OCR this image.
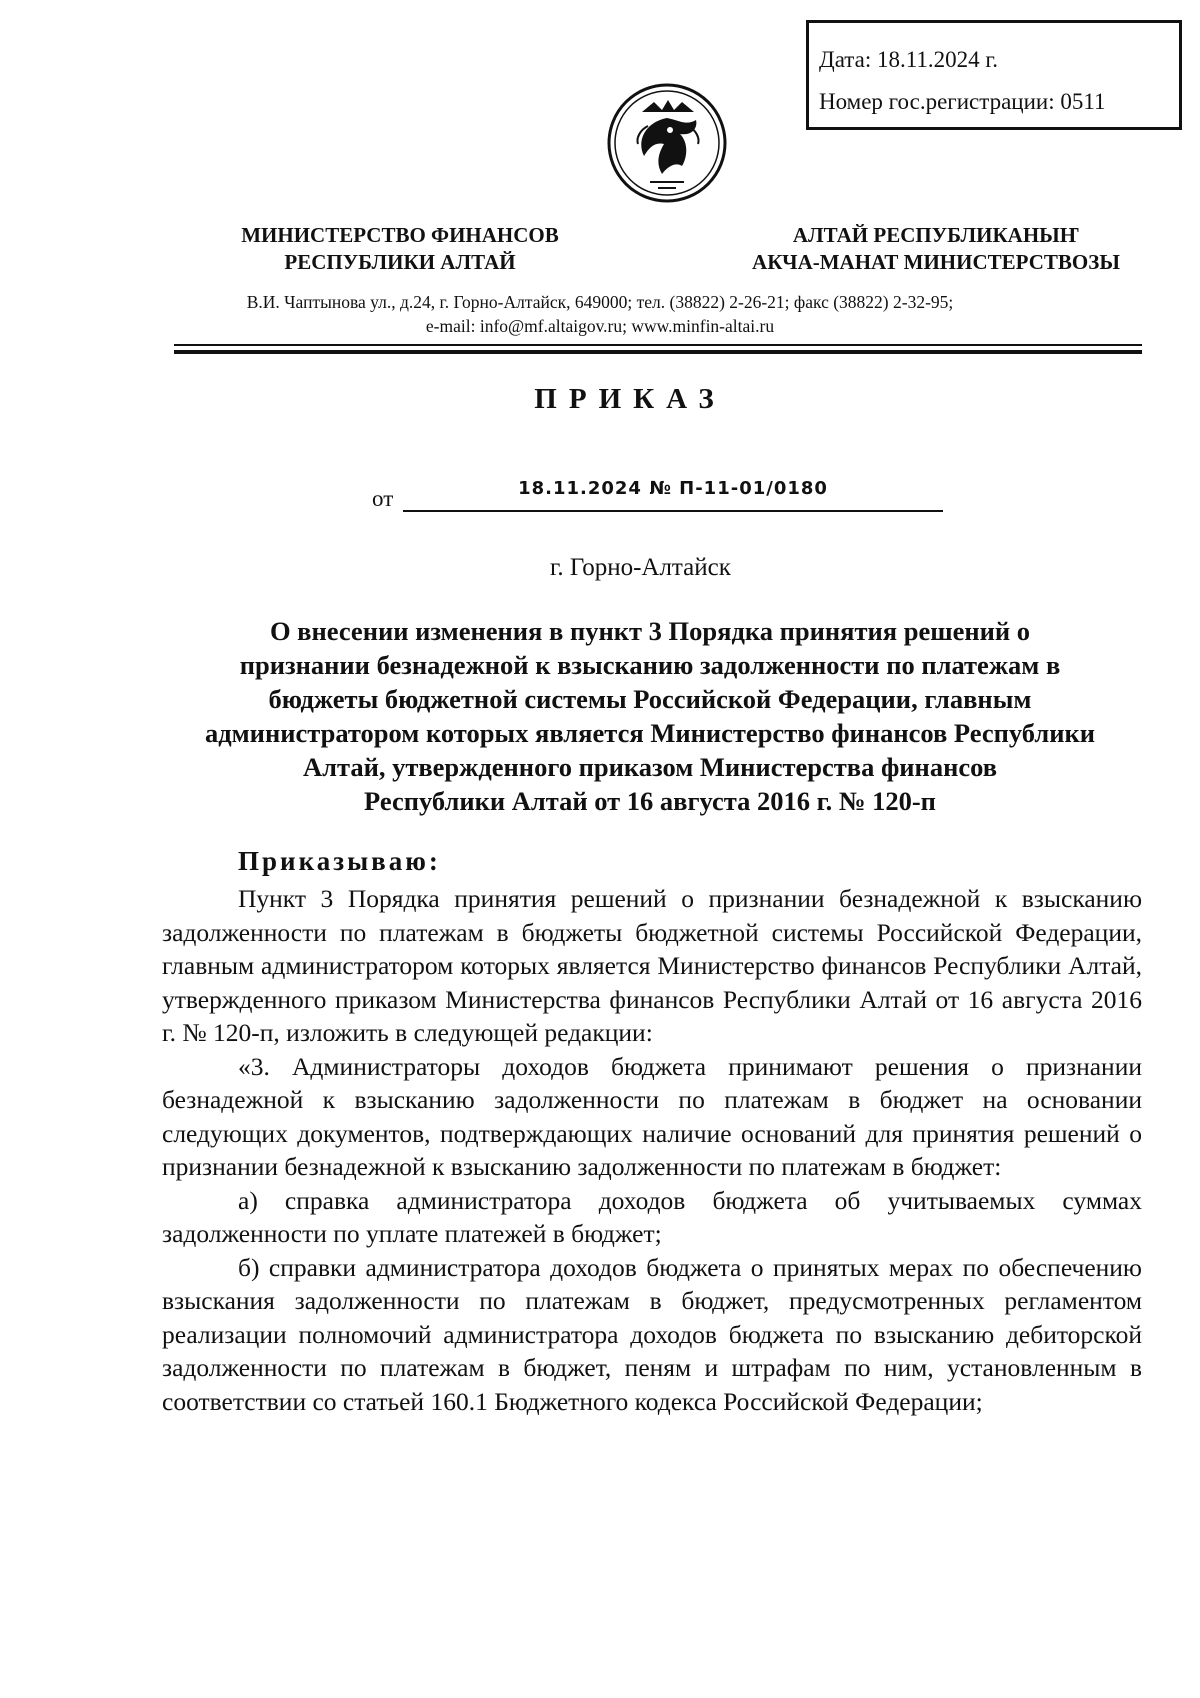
Дата: 18.11.2024 г.
Номер гос.регистрации: 0511
МИНИСТЕРСТВО ФИНАНСОВ
РЕСПУБЛИКИ АЛТАЙ
АЛТАЙ РЕСПУБЛИКАНЫҤ
АКЧА-МАНАТ МИНИСТЕРСТВОЗЫ
В.И. Чаптынова ул., д.24, г. Горно-Алтайск, 649000; тел. (38822) 2-26-21; факс (38822) 2-32-95;
e-mail: info@mf.altaigov.ru; www.minfin-altai.ru
ПРИКАЗ
от	18.11.2024 № П-11-01/0180
г. Горно-Алтайск
О внесении изменения в пункт 3 Порядка принятия решений о
признании безнадежной к взысканию задолженности по платежам в
бюджеты бюджетной системы Российской Федерации, главным
администратором которых является Министерство финансов Республики
Алтай, утвержденного приказом Министерства финансов
Республики Алтай от 16 августа 2016 г. № 120-п
Приказываю:

Пункт 3 Порядка принятия решений о признании безнадежной к взысканию задолженности по платежам в бюджеты бюджетной системы Российской Федерации, главным администратором которых является Министерство финансов Республики Алтай, утвержденного приказом Министерства финансов Республики Алтай от 16 августа 2016 г. № 120-п, изложить в следующей редакции:

«3. Администраторы доходов бюджета принимают решения о признании безнадежной к взысканию задолженности по платежам в бюджет на основании следующих документов, подтверждающих наличие оснований для принятия решений о признании безнадежной к взысканию задолженности по платежам в бюджет:

а) справка администратора доходов бюджета об учитываемых суммах задолженности по уплате платежей в бюджет;

б) справки администратора доходов бюджета о принятых мерах по обеспечению взыскания задолженности по платежам в бюджет, предусмотренных регламентом реализации полномочий администратора доходов бюджета по взысканию дебиторской задолженности по платежам в бюджет, пеням и штрафам по ним, установленным в соответствии со статьей 160.1 Бюджетного кодекса Российской Федерации;
